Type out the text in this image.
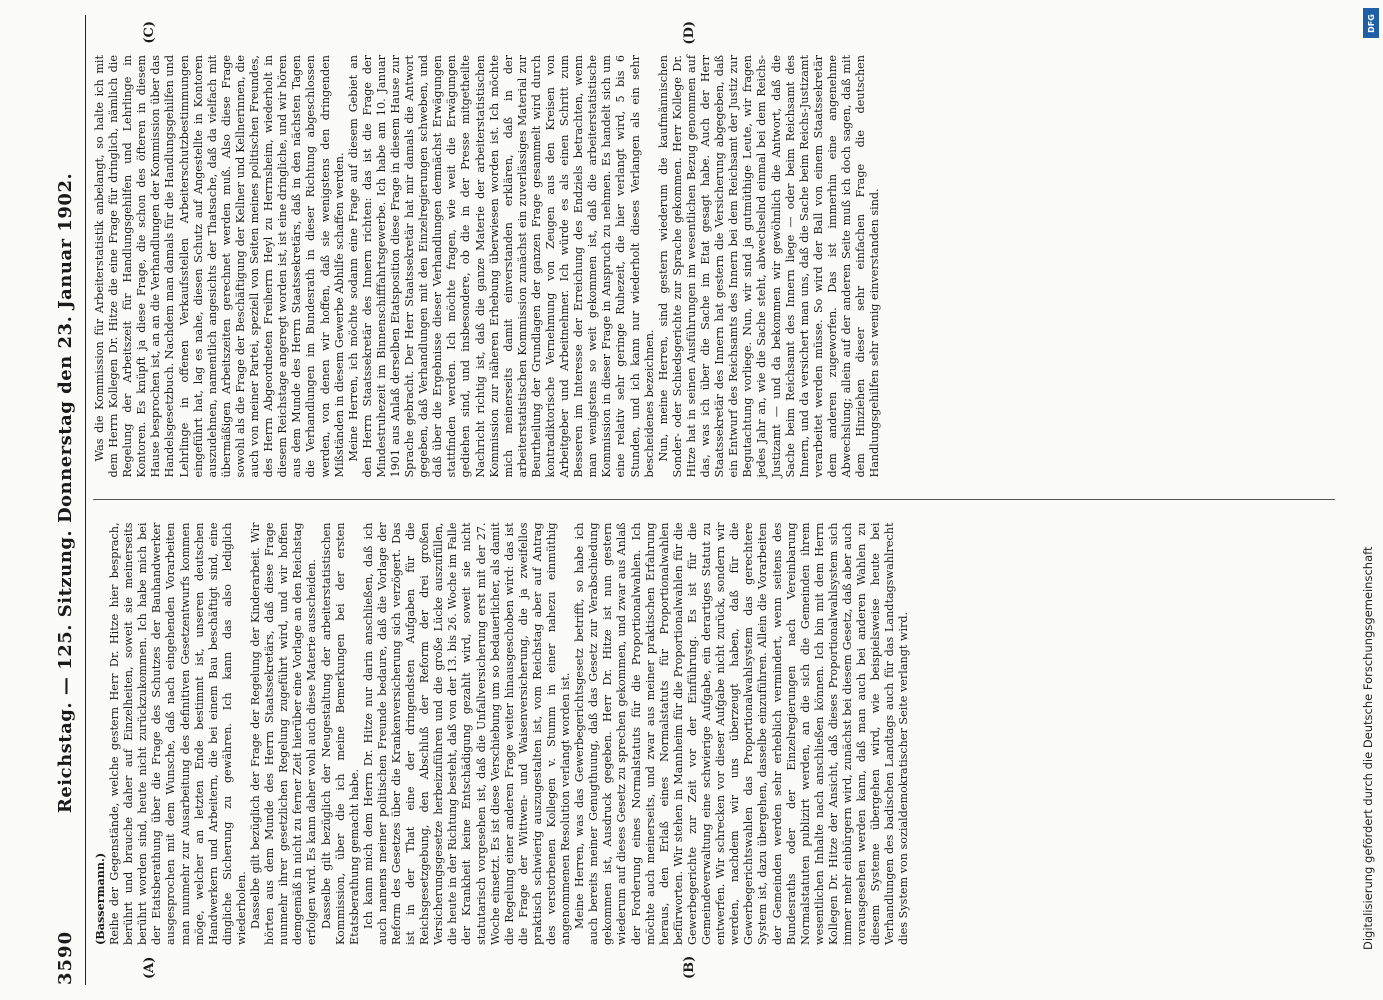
3590
Reichstag. — 125. Sitzung. Donnerstag den 23. Januar 1902.
(A)	(B)

(Bassermann.) Reihe der Gegenstände, welche gestern Herr Dr. Hitze hier besprach, berührt und brauche daher auf Einzelheiten, soweit sie meinerseits berührt worden sind, heute nicht zurückzukommen. Ich habe mich bei der Etatsberathung über die Frage des Schutzes der Bauhandwerker ausgesprochen mit dem Wunsche, daß nach eingehenden Vorarbeiten man nunmehr zur Ausarbeitung des definitiven Gesetzentwurfs kommen möge, welcher an letzten Ende bestimmt ist, unseren deutschen Handwerkern und Arbeitern, die bei einem Bau beschäftigt sind, eine dingliche Sicherung zu gewähren. Ich kann das also lediglich wiederholen. Dasselbe gilt bezüglich der Frage der Regelung der Kinderarbeit. Wir hörten aus dem Munde des Herrn Staatssekretärs, daß diese Frage nunmehr ihrer gesetzlichen Regelung zugeführt wird, und wir hoffen demgemäß in nicht zu ferner Zeit hierüber eine Vorlage an den Reichstag erfolgen wird. Es kann daher wohl auch diese Materie ausscheiden. Dasselbe gilt bezüglich der Neugestaltung der arbeiterstatistischen Kommission, über die ich meine Bemerkungen bei der ersten Etatsberathung gemacht habe. Ich kann mich dem Herrn Dr. Hitze nur darin anschließen, daß ich auch namens meiner politischen Freunde bedaure, daß die Vorlage der Reform des Gesetzes über die Krankenversicherung sich verzögert. Das ist in der That eine der dringendsten Aufgaben für die Reichsgesetzgebung, den Abschluß der Reform der drei großen Versicherungsgesetze herbeizuführen und die große Lücke auszufüllen, die heute in der Richtung besteht, daß von der 13. bis 26. Woche im Falle der Krankheit keine Entschädigung gezahlt wird, soweit sie nicht statutarisch vorgesehen ist, daß die Unfallversicherung erst mit der 27. Woche einsetzt. Es ist diese Verschiebung um so bedauerlicher, als damit die Regelung einer anderen Frage weiter hinausgeschoben wird: das ist die Frage der Wittwen- und Waisenversicherung, die ja zweifellos praktisch schwierig auszugestalten ist, vom Reichstag aber auf Antrag des verstorbenen Kollegen v. Stumm in einer nahezu einmüthig angenommenen Resolution verlangt worden ist. Meine Herren, was das Gewerbegerichtsgesetz betrifft, so habe ich auch bereits meiner Genugthuung, daß das Gesetz zur Verabschiedung gekommen ist, Ausdruck gegeben. Herr Dr. Hitze ist nun gestern wiederum auf dieses Gesetz zu sprechen gekommen, und zwar aus Anlaß der Forderung eines Normalstatuts für die Proportionalwahlen. Ich möchte auch meinerseits, und zwar aus meiner praktischen Erfahrung heraus, den Erlaß eines Normalstatuts für Proportionalwahlen befürworten. Wir stehen in Mannheim für die Proportionalwahlen für die Gewerbegerichte zur Zeit vor der Einführung. Es ist für die Gemeindeverwaltung eine schwierige Aufgabe, ein derartiges Statut zu entwerfen. Wir schrecken vor dieser Aufgabe nicht zurück, sondern wir werden, nachdem wir uns überzeugt haben, daß für die Gewerbegerichtswahlen das Proportionalwahlsystem das gerechtere System ist, dazu übergehen, dasselbe einzuführen. Allein die Vorarbeiten der Gemeinden werden sehr erheblich vermindert, wenn seitens des Bundesraths oder der Einzelregierungen nach Vereinbarung Normalstatuten publizirt werden, an die sich die Gemeinden ihrem wesentlichen Inhalte nach anschließen können. Ich bin mit dem Herrn Kollegen Dr. Hitze der Ansicht, daß dieses Proportionalwahlsystem sich immer mehr einbürgern wird, zunächst bei diesem Gesetz, daß aber auch vorausgesehen werden kann, daß man auch bei anderen Wahlen zu diesem Systeme übergehen wird, wie beispielsweise heute bei Verhandlungen des badischen Landtags auch für das Landtagswahlrecht dies System von sozialdemokratischer Seite verlangt wird.

(C)	(D)

Was die Kommission für Arbeiterstatistik anbelangt, so halte ich mit dem Herrn Kollegen Dr. Hitze die eine Frage für dringlich, nämlich die Regelung der Arbeitszeit für Handlungsgehilfen und Lehrlinge in Kontoren. Es knüpft ja diese Frage, die schon des öfteren in diesem Hause besprochen ist, an an die Verhandlungen der Kommission über das Handelsgesetzbuch. Nachdem man damals für die Handlungsgehilfen und Lehrlinge in offenen Verkaufsstellen Arbeiterschutzbestimmungen eingeführt hat, lag es nahe, diesen Schutz auf Angestellte in Kontoren auszudehnen, namentlich angesichts der Thatsache, daß da vielfach mit übermäßigen Arbeitszeiten gerechnet werden muß. Also diese Frage sowohl als die Frage der Beschäftigung der Kellner und Kellnerinnen, die auch von meiner Partei, speziell von Seiten meines politischen Freundes, des Herrn Abgeordneten Freiherrn Heyl zu Herrnsheim, wiederholt in diesem Reichstage angeregt worden ist, ist eine dringliche, und wir hören aus dem Munde des Herrn Staatssekretärs, daß in den nächsten Tagen die Verhandlungen im Bundesrath in dieser Richtung abgeschlossen werden, von denen wir hoffen, daß sie wenigstens den dringenden Mißständen in diesem Gewerbe Abhilfe schaffen werden. Meine Herren, ich möchte sodann eine Frage auf diesem Gebiet an den Herrn Staatssekretär des Innern richten: das ist die Frage der Mindestruhezeit im Binnenschifffahrtsgewerbe. Ich habe am 10. Januar 1901 aus Anlaß derselben Etatsposition diese Frage in diesem Hause zur Sprache gebracht. Der Herr Staatssekretär hat mir damals die Antwort gegeben, daß Verhandlungen mit den Einzelregierungen schweben, und daß über die Ergebnisse dieser Verhandlungen demnächst Erwägungen stattfinden werden. Ich möchte fragen, wie weit die Erwägungen gediehen sind, und insbesondere, ob die in der Presse mitgetheilte Nachricht richtig ist, daß die ganze Materie der arbeiterstatistischen Kommission zur näheren Erhebung überwiesen worden ist. Ich möchte mich meinerseits damit einverstanden erklären, daß in der arbeiterstatistischen Kommission zunächst ein zuverlässiges Material zur Beurtheilung der Grundlagen der ganzen Frage gesammelt wird durch kontradiktorische Vernehmung von Zeugen aus den Kreisen von Arbeitgeber und Arbeitnehmer. Ich würde es als einen Schritt zum Besseren im Interesse der Erreichung des Endziels betrachten, wenn man wenigstens so weit gekommen ist, daß die arbeiterstatistische Kommission in dieser Frage in Anspruch zu nehmen. Es handelt sich um eine relativ sehr geringe Ruhezeit, die hier verlangt wird, 5 bis 6 Stunden, und ich kann nur wiederholt dieses Verlangen als ein sehr bescheidenes bezeichnen. Nun, meine Herren, sind gestern wiederum die kaufmännischen Sonder- oder Schiedsgerichte zur Sprache gekommen. Herr Kollege Dr. Hitze hat in seinen Ausführungen im wesentlichen Bezug genommen auf das, was ich über die Sache im Etat gesagt habe. Auch der Herr Staatssekretär des Innern hat gestern die Versicherung abgegeben, daß ein Entwurf des Reichsamts des Innern bei dem Reichsamt der Justiz zur Begutachtung vorliege. Nun, wir sind ja gutmüthige Leute, wir fragen jedes Jahr an, wie die Sache steht, abwechselnd einmal bei dem Reichs-Justizamt — und da bekommen wir gewöhnlich die Antwort, daß die Sache beim Reichsamt des Innern liege — oder beim Reichsamt des Innern, und da versichert man uns, daß die Sache beim Reichs-Justizamt verarbeitet werden müsse. So wird der Ball von einem Staatssekretär dem anderen zugeworfen. Das ist immerhin eine angenehme Abwechslung; allein auf der anderen Seite muß ich doch sagen, daß mit dem Hinziehen dieser sehr einfachen Frage die deutschen Handlungsgehilfen sehr wenig einverstanden sind.

DFG
Digitalisierung gefördert durch die Deutsche Forschungsgemeinschaft
